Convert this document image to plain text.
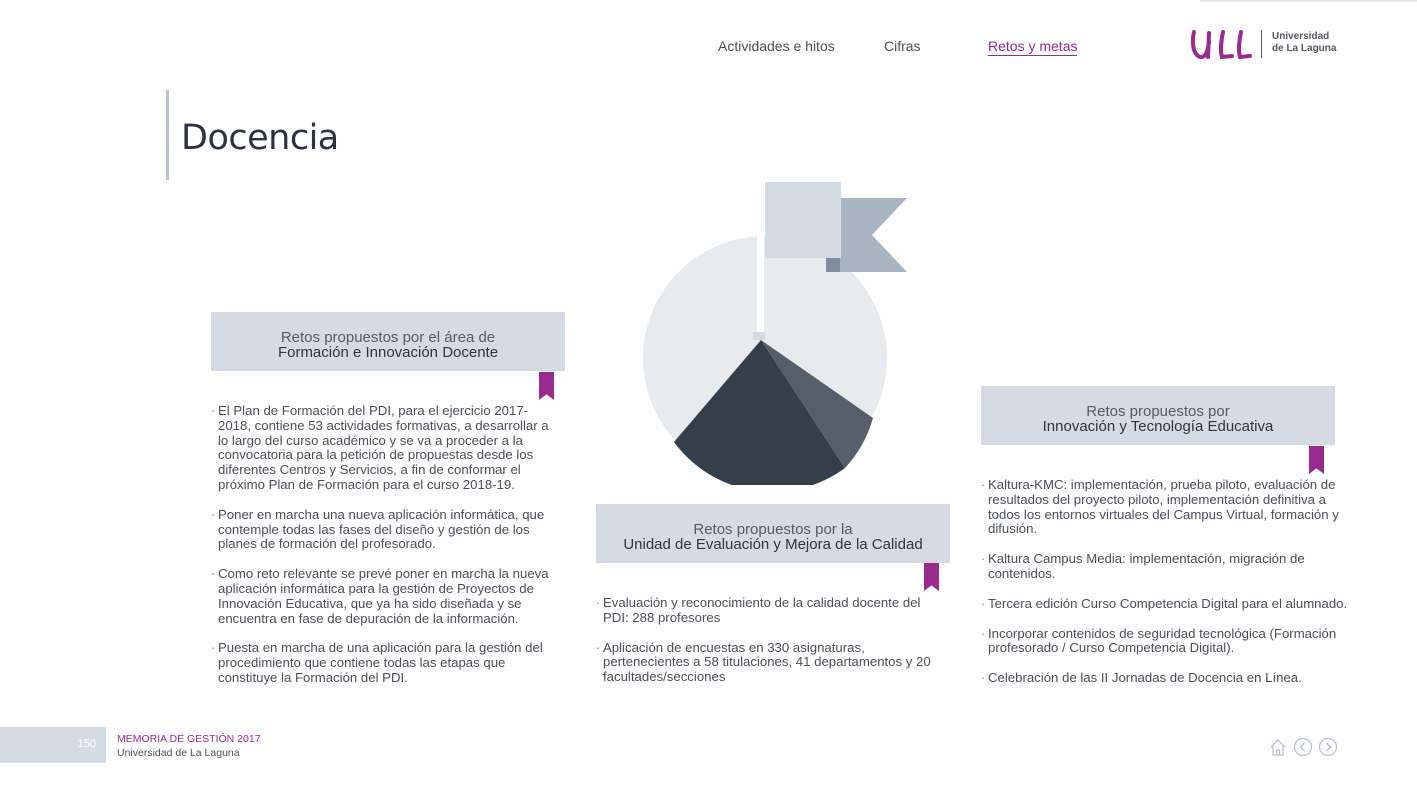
Actividades e hitos	Cifras	Retos y metas
Universidad
de La Laguna
Docencia
Retos propuestos por el área de
Formación e Innovación Docente
· El Plan de Formación del PDI, para el ejercicio 2017-2018, contiene 53 actividades formativas, a desarrollar a lo largo del curso académico y se va a proceder a la convocatoria para la petición de propuestas desde los diferentes Centros y Servicios, a fin de conformar el próximo Plan de Formación para el curso 2018-19.
· Poner en marcha una nueva aplicación informática, que contemple todas las fases del diseño y gestión de los planes de formación del profesorado.
· Como reto relevante se prevé poner en marcha la nueva aplicación informática para la gestión de Proyectos de Innovación Educativa, que ya ha sido diseñada y se encuentra en fase de depuración de la información.
· Puesta en marcha de una aplicación para la gestión del procedimiento que contiene todas las etapas que constituye la Formación del PDI.
Retos propuestos por la
Unidad de Evaluación y Mejora de la Calidad
· Evaluación y reconocimiento de la calidad docente del PDI: 288 profesores
· Aplicación de encuestas en 330 asignaturas, pertenecientes a 58 titulaciones, 41 departamentos y 20 facultades/secciones
Retos propuestos por
Innovación y Tecnología Educativa
· Kaltura-KMC: implementación, prueba piloto, evaluación de resultados del proyecto piloto, implementación definitiva a todos los entornos virtuales del Campus Virtual, formación y difusión.
· Kaltura Campus Media: implementación, migración de contenidos.
· Tercera edición Curso Competencia Digital para el alumnado.
· Incorporar contenidos de seguridad tecnológica (Formación profesorado / Curso Competencia Digital).
· Celebración de las II Jornadas de Docencia en Línea.
150 MEMORIA DE GESTIÓN 2017
Universidad de La Laguna
